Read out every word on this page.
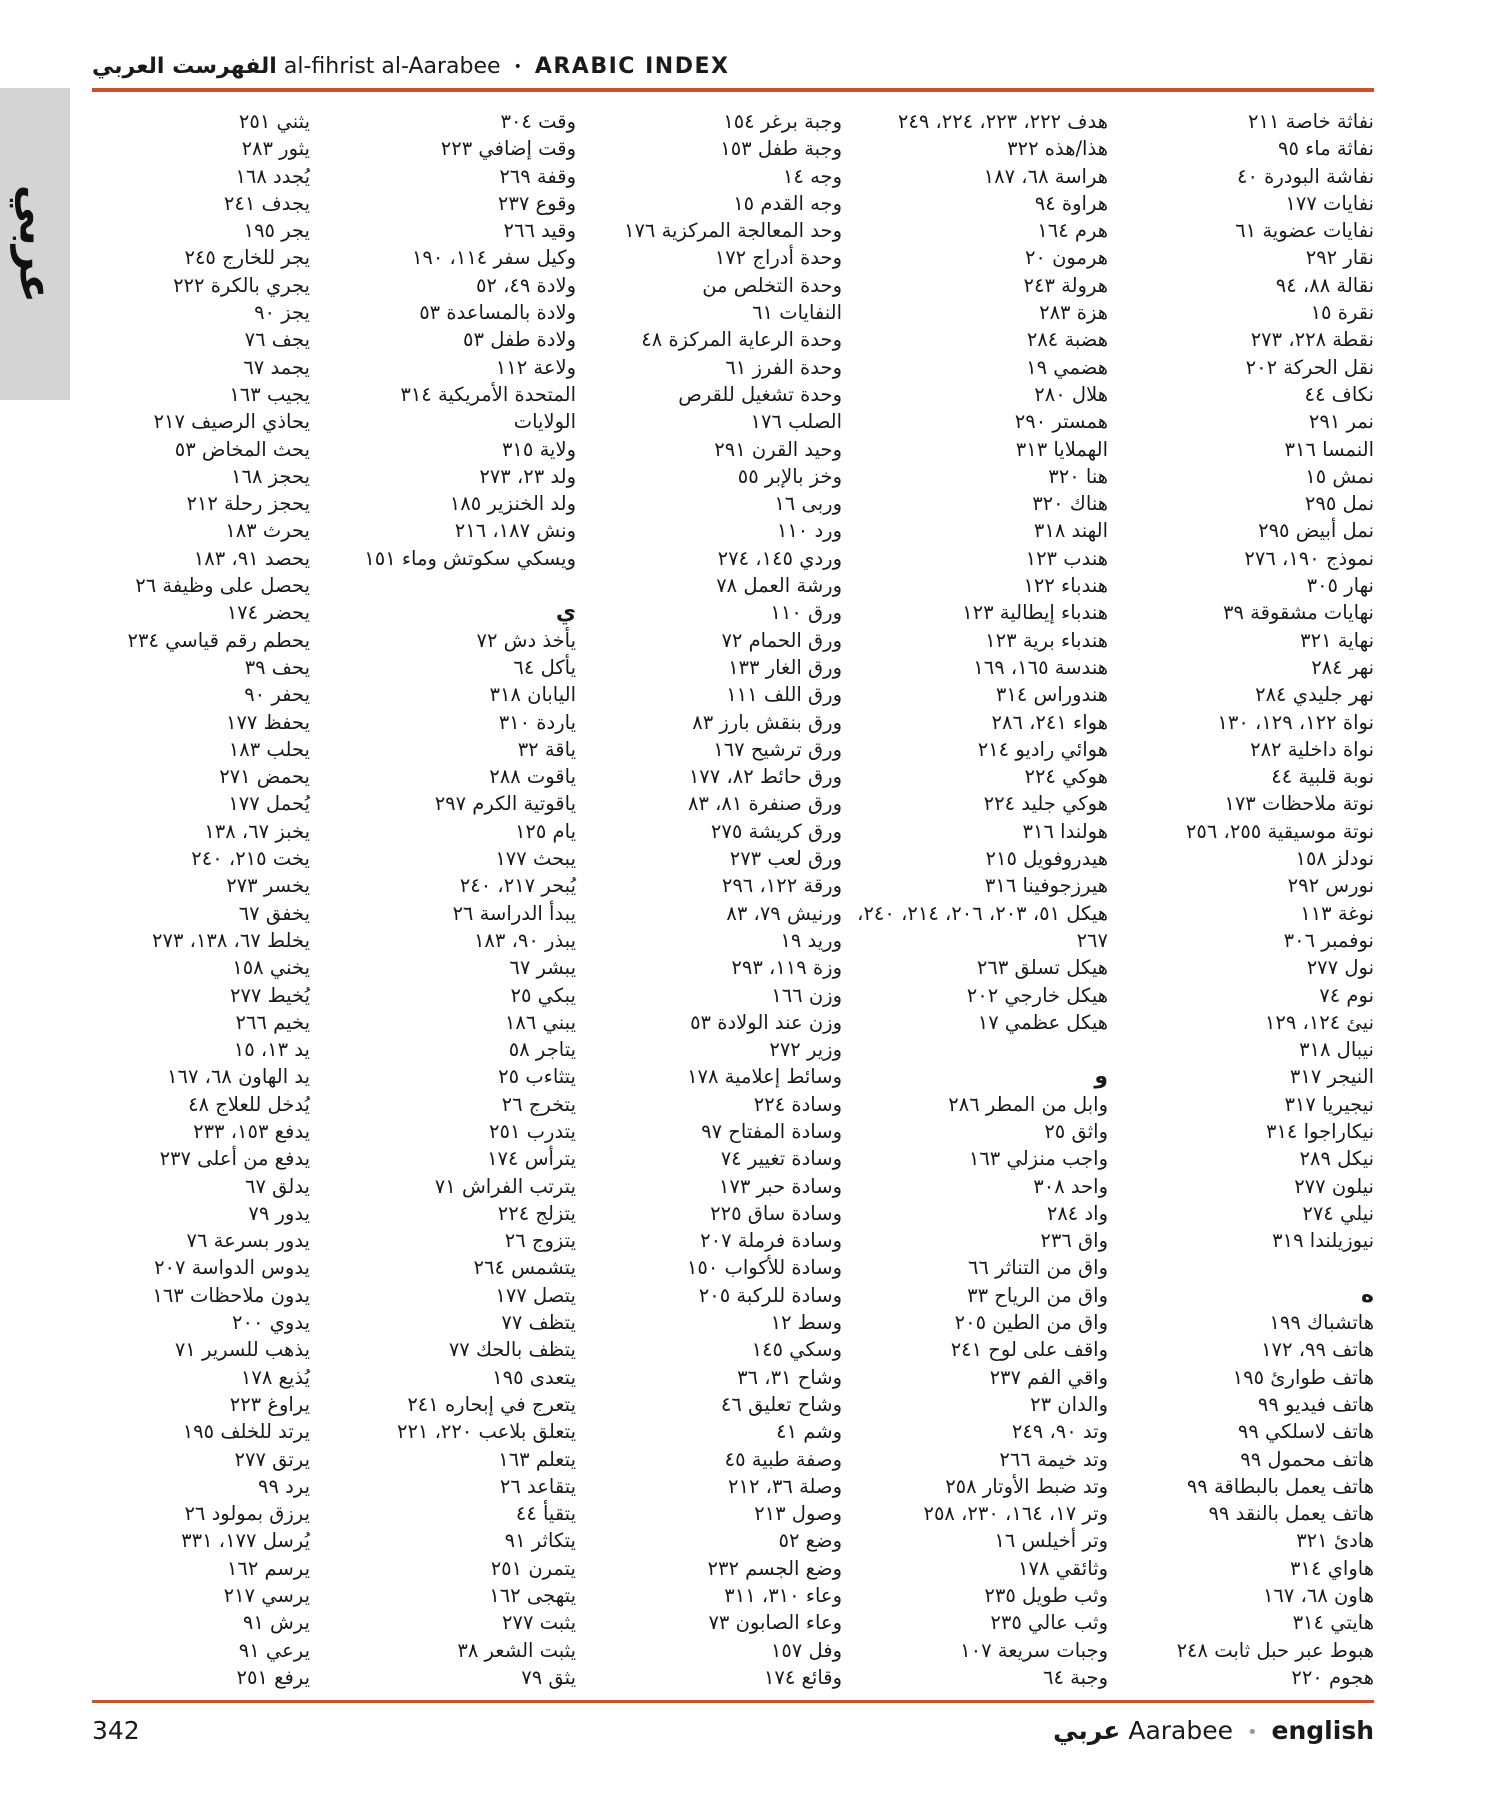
الفهرست العربي al-fihrist al-Aarabee • ARABIC INDEX
عربي
نفاثة خاصة ٢١١
نفاثة ماء ٩٥
نفاشة البودرة ٤٠
نفايات ١٧٧
نفايات عضوية ٦١
نقار ٢٩٢
نقالة ٨٨، ٩٤
نقرة ١٥
نقطة ٢٢٨، ٢٧٣
نقل الحركة ٢٠٢
نكاف ٤٤
نمر ٢٩١
النمسا ٣١٦
نمش ١٥
نمل ٢٩٥
نمل أبيض ٢٩٥
نموذج ١٩٠، ٢٧٦
نهار ٣٠٥
نهايات مشقوقة ٣٩
نهاية ٣٢١
نهر ٢٨٤
نهر جليدي ٢٨٤
نواة ١٢٢، ١٢٩، ١٣٠
نواة داخلية ٢٨٢
نوبة قلبية ٤٤
نوتة ملاحظات ١٧٣
نوتة موسيقية ٢٥٥، ٢٥٦
نودلز ١٥٨
نورس ٢٩٢
نوغة ١١٣
نوفمبر ٣٠٦
نول ٢٧٧
نوم ٧٤
نيئ ١٢٤، ١٢٩
نيبال ٣١٨
النيجر ٣١٧
نيجيريا ٣١٧
نيكاراجوا ٣١٤
نيكل ٢٨٩
نيلون ٢٧٧
نيلي ٢٧٤
نيوزيلندا ٣١٩
ه
هاتشباك ١٩٩
هاتف ٩٩، ١٧٢
هاتف طوارئ ١٩٥
هاتف فيديو ٩٩
هاتف لاسلكي ٩٩
هاتف محمول ٩٩
هاتف يعمل بالبطاقة ٩٩
هاتف يعمل بالنقد ٩٩
هادئ ٣٢١
هاواي ٣١٤
هاون ٦٨، ١٦٧
هايتي ٣١٤
هبوط عبر حبل ثابت ٢٤٨
هجوم ٢٢٠
هدف ٢٢٢، ٢٢٣، ٢٢٤، ٢٤٩
هذا/هذه ٣٢٢
هراسة ٦٨، ١٨٧
هراوة ٩٤
هرم ١٦٤
هرمون ٢٠
هرولة ٢٤٣
هزة ٢٨٣
هضبة ٢٨٤
هضمي ١٩
هلال ٢٨٠
همستر ٢٩٠
الهملايا ٣١٣
هنا ٣٢٠
هناك ٣٢٠
الهند ٣١٨
هندب ١٢٣
هندباء ١٢٢
هندباء إيطالية ١٢٣
هندباء برية ١٢٣
هندسة ١٦٥، ١٦٩
هندوراس ٣١٤
هواء ٢٤١، ٢٨٦
هوائي راديو ٢١٤
هوكي ٢٢٤
هوكي جليد ٢٢٤
هولندا ٣١٦
هيدروفويل ٢١٥
هيرزجوفينا ٣١٦
هيكل ٥١، ٢٠٣، ٢٠٦، ٢١٤، ٢٤٠،
٢٦٧
هيكل تسلق ٢٦٣
هيكل خارجي ٢٠٢
هيكل عظمي ١٧
و
وابل من المطر ٢٨٦
واثق ٢٥
واجب منزلي ١٦٣
واحد ٣٠٨
واد ٢٨٤
واق ٢٣٦
واق من التناثر ٦٦
واق من الرياح ٣٣
واق من الطين ٢٠٥
واقف على لوح ٢٤١
واقي الفم ٢٣٧
والدان ٢٣
وتد ٩٠، ٢٤٩
وتد خيمة ٢٦٦
وتد ضبط الأوتار ٢٥٨
وتر ١٧، ١٦٤، ٢٣٠، ٢٥٨
وتر أخيلس ١٦
وثائقي ١٧٨
وثب طويل ٢٣٥
وثب عالي ٢٣٥
وجبات سريعة ١٠٧
وجبة ٦٤
وجبة برغر ١٥٤
وجبة طفل ١٥٣
وجه ١٤
وجه القدم ١٥
وحد المعالجة المركزية ١٧٦
وحدة أدراج ١٧٢
وحدة التخلص من
النفايات ٦١
وحدة الرعاية المركزة ٤٨
وحدة الفرز ٦١
وحدة تشغيل للقرص
الصلب ١٧٦
وحيد القرن ٢٩١
وخز بالإبر ٥٥
وربى ١٦
ورد ١١٠
وردي ١٤٥، ٢٧٤
ورشة العمل ٧٨
ورق ١١٠
ورق الحمام ٧٢
ورق الغار ١٣٣
ورق اللف ١١١
ورق بنقش بارز ٨٣
ورق ترشيح ١٦٧
ورق حائط ٨٢، ١٧٧
ورق صنفرة ٨١، ٨٣
ورق كريشة ٢٧٥
ورق لعب ٢٧٣
ورقة ١٢٢، ٢٩٦
ورنيش ٧٩، ٨٣
وريد ١٩
وزة ١١٩، ٢٩٣
وزن ١٦٦
وزن عند الولادة ٥٣
وزير ٢٧٢
وسائط إعلامية ١٧٨
وسادة ٢٢٤
وسادة المفتاح ٩٧
وسادة تغيير ٧٤
وسادة حبر ١٧٣
وسادة ساق ٢٢٥
وسادة فرملة ٢٠٧
وسادة للأكواب ١٥٠
وسادة للركبة ٢٠٥
وسط ١٢
وسكي ١٤٥
وشاح ٣١، ٣٦
وشاح تعليق ٤٦
وشم ٤١
وصفة طبية ٤٥
وصلة ٣٦، ٢١٢
وصول ٢١٣
وضع ٥٢
وضع الجسم ٢٣٢
وعاء ٣١٠، ٣١١
وعاء الصابون ٧٣
وفل ١٥٧
وقائع ١٧٤
وقت ٣٠٤
وقت إضافي ٢٢٣
وقفة ٢٦٩
وقوع ٢٣٧
وقيد ٢٦٦
وكيل سفر ١١٤، ١٩٠
ولادة ٤٩، ٥٢
ولادة بالمساعدة ٥٣
ولادة طفل ٥٣
ولاعة ١١٢
المتحدة الأمريكية ٣١٤
الولايات
ولاية ٣١٥
ولد ٢٣، ٢٧٣
ولد الخنزير ١٨٥
ونش ١٨٧، ٢١٦
ويسكي سكوتش وماء ١٥١
ي
يأخذ دش ٧٢
يأكل ٦٤
اليابان ٣١٨
ياردة ٣١٠
ياقة ٣٢
ياقوت ٢٨٨
ياقوتية الكرم ٢٩٧
يام ١٢٥
يبحث ١٧٧
يُبحر ٢١٧، ٢٤٠
يبدأ الدراسة ٢٦
يبذر ٩٠، ١٨٣
يبشر ٦٧
يبكي ٢٥
يبني ١٨٦
يتاجر ٥٨
يتثاءب ٢٥
يتخرج ٢٦
يتدرب ٢٥١
يترأس ١٧٤
يترتب الفراش ٧١
يتزلج ٢٢٤
يتزوج ٢٦
يتشمس ٢٦٤
يتصل ١٧٧
يتظف ٧٧
يتظف بالحك ٧٧
يتعدى ١٩٥
يتعرج في إبحاره ٢٤١
يتعلق بلاعب ٢٢٠، ٢٢١
يتعلم ١٦٣
يتقاعد ٢٦
يتقيأ ٤٤
يتكاثر ٩١
يتمرن ٢٥١
يتهجى ١٦٢
يثبت ٢٧٧
يثبت الشعر ٣٨
يثق ٧٩
يثني ٢٥١
يثور ٢٨٣
يُجدد ١٦٨
يجدف ٢٤١
يجر ١٩٥
يجر للخارج ٢٤٥
يجري بالكرة ٢٢٢
يجز ٩٠
يجف ٧٦
يجمد ٦٧
يجيب ١٦٣
يحاذي الرصيف ٢١٧
يحث المخاض ٥٣
يحجز ١٦٨
يحجز رحلة ٢١٢
يحرث ١٨٣
يحصد ٩١، ١٨٣
يحصل على وظيفة ٢٦
يحضر ١٧٤
يحطم رقم قياسي ٢٣٤
يحف ٣٩
يحفر ٩٠
يحفظ ١٧٧
يحلب ١٨٣
يحمض ٢٧١
يُحمل ١٧٧
يخبز ٦٧، ١٣٨
يخت ٢١٥، ٢٤٠
يخسر ٢٧٣
يخفق ٦٧
يخلط ٦٧، ١٣٨، ٢٧٣
يخني ١٥٨
يُخيط ٢٧٧
يخيم ٢٦٦
يد ١٣، ١٥
يد الهاون ٦٨، ١٦٧
يُدخل للعلاج ٤٨
يدفع ١٥٣، ٢٣٣
يدفع من أعلى ٢٣٧
يدلق ٦٧
يدور ٧٩
يدور بسرعة ٧٦
يدوس الدواسة ٢٠٧
يدون ملاحظات ١٦٣
يدوي ٢٠٠
يذهب للسرير ٧١
يُذيع ١٧٨
يراوغ ٢٢٣
يرتد للخلف ١٩٥
يرتق ٢٧٧
يرد ٩٩
يرزق بمولود ٢٦
يُرسل ١٧٧، ٣٣١
يرسم ١٦٢
يرسي ٢١٧
يرش ٩١
يرعي ٩١
يرفع ٢٥١
342	عربي Aarabee • english
